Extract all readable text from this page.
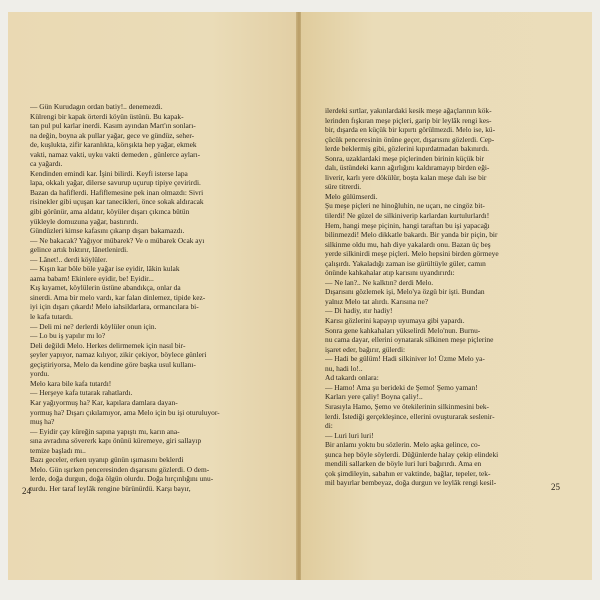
— Gün Kurudagın ordan batiy!.. denemezdi.
Külrengi bir kapak örterdi köyün üstünü. Bu kapak-
tan pul pul karlar inerdi. Kasım ayından Mart'ın sonları-
na değin, boyna ak pullar yağar, gece ve gündüz, seher-
de, kuşlukta, zifir karanlıkta, körışıkta hep yağar, ekmek
vakti, namaz vakti, uyku vakti demeden , günlerce ayları-
ca yağardı.
Kendinden emindi kar. İşini bilirdi. Keyfi isterse lapa
lapa, okkalı yağar, dilerse savurup uçurup tipiye çevirirdi.
Bazan da hafiflerdi. Hafiflemesine pek inan olmazdı: Sivri
risinekler gibi uçuşan kar tanecikleri, önce sokak aldıracak
gibi görünür, ama aldatır, köyüler dışarı çıkınca bütün
yükleyle domuzuna yağar, bastırırdı.
Gündüzleri kimse kafasını çıkarıp dışarı bakamazdı.
— Ne bakacak? Yağıyor mübarek? Ve o mübarek Ocak ayı
gelince artık bıktırır, lânetlenirdi.
— Lânet!.. derdi köylüler.
— Kışın kar böle böle yağar ise eyidir, lâkin kulak
aama babam! Ekinlere eyidir, be! Eyidir...
Kış kıyamet, köylülerin üstüne abandıkça, onlar da
sinerdi. Ama bir melo vardı, kar falan dinlemez, tipide kez-
iyi için dışarı çıkardı! Melo iahsildarlara, ormancılara bi-
le kafa tutardı.
— Deli mi ne? derlerdi köylüler onun için.
— Lo bu iş yapılır mı lo?
Deli değildi Melo. Herkes delirmemek için nasıl bir-
şeyler yapıyor, namaz kılıyor, zikir çekiyor, böylece günleri
geçiştiriyorsa, Melo da kendine göre başka usul kullanı-
yordu.
Melo kara bile kafa tutardı!
— Herşeye kafa tutarak rahatlardı.
Kar yağıyormuş ha? Kar, kapılara damlara dayan-
yormuş ha? Dışarı çıkılamıyor, ama Melo için bu işi oturuluyor-
muş ha?
— Eyidir çay küreğin sapına yapıştı mı, karın ana-
sına avradına sövererk kapı önünü küremeye, giri sallayıp
temize başladı mı..
Bazı geceler, erken uyanıp günün ışımasını beklerdi
Melo. Gün ışırken penceresinden dışarısını gözlerdi. O dem-
lerde, doğa durgun, doğa ölgün olurdu. Doğa hırçınlığını unu-
turdu. Her taraf leylâk rengine bürünürdü. Karşı bayır,
24
ilerdeki sırtlar, yakınlardaki kesik meşe ağaçlarının kök-
lerinden fışkıran meşe piçleri, garip bir leylâk rengi kes-
bir, dışarda en küçük bir kıpırtı görülmezdi. Melo ise, kü-
çücük penceresinin önüne geçer, dışarısını gözlerdi. Cep-
lerde beklermiş gibi, gözlerini kıpırdatmadan bakınırdı.
Sonra, uzaklardaki meşe piçlerinden birinin küçük bir
dalı, üstündeki karın ağırlığını kaldıramayıp birden eği-
liverir, karlı yere dökülür, boşta kalan meşe dalı ise bir
süre titrerdi.
Melo gülümserdi.
Şu meşe piçleri ne hinoğluhin, ne uçarı, ne cingöz bit-
tilerdi! Ne güzel de silkiniverip karlardan kurtulurlardı!
Hem, hangi meşe piçinin, hangi taraftan bu işi yapacağı
bilinmezdi! Melo dikkatle bakardı. Bir yanda bir piçin, bir
silkinme oldu mu, hah diye yakalardı onu. Bazan üç beş
yerde silkinirdi meşe piçleri. Melo hepsini birden görmeye
çalışırdı. Yakaladığı zaman ise gürültüyle güler, camın
önünde kahkahalar atıp karısını uyandırırdı:
— Ne lan?.. Ne kalktın? derdi Melo.
Dışarısını gözlemek işi, Melo'ya özgü bir işti. Bundan
yalnız Melo tat alırdı. Karısına ne?
— Di hadiy, ıtır hadiy!
Karısı gözlerini kapayıp uyumaya gibi yapardı.
Sonra gene kahkahaları yükselirdi Melo'nun. Burnu-
nu cama dayar, ellerini oynatarak silkinen meşe piçlerine
işaret eder, bağırır, gülerdi:
— Hadi be gülüm! Hadi silkiniver lo! Üzme Melo ya-
nu, hadi lo!..
Ad takardı onlara:
— Hamo! Ama şu berideki de Şemo! Şemo yaman!
Karları yere çaliy! Boyna çaliy!..
Sırasıyla Hamo, Şemo ve ötekilerinin silkinmesini bek-
lerdi. İstediği gerçekleşince, ellerini ovuşturarak seslenir-
di:
— Luri luri luri!
Bir anlamı yoktu bu sözlerin. Melo aşka gelince, co-
şunca hep böyle söylerdi. Düğünlerde halay çekip elindeki
mendili sallarken de böyle luri luri bağırırdı. Ama en
çok şimdileyin, sabahın er vaktinde, bağlar, tepeler, tek-
mil bayırlar bembeyaz, doğa durgun ve leylâk rengi kesil-	25
